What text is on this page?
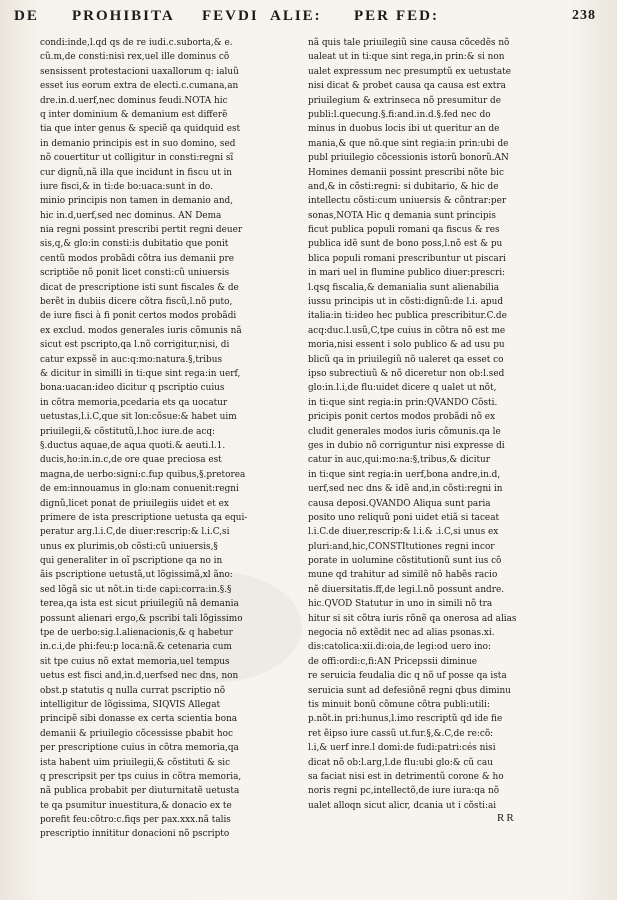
DE PROHIBITA FEVDI ALIE: PER FED:	238
condi:inde,l.qd qs de re iudi.c.suborta,& e.
cũ.m,de consti:nisi rex,uel ille dominus cõ
sensissent protestacioni uaxallorum q: ialuũ
esset ius eorum extra de electi.c.cumana,an
dre.in.d.uerf,nec dominus feudi.NOTA hic
q inter dominium & demanium est differẽ
tia que inter genus & speciẽ qa quidquid est
in demanio principis est in suo domino, sed
nõ couertitur ut colligitur in consti:regni sĩ
cur dignũ,nã illa que incidunt in fiscu ut in
iure fisci,& in ti:de bo:uaca:sunt in do.
minio principis non tamen in demanio and,
hic in.d,uerf,sed nec dominus. AN Dema
nia regni possint prescribi pertit regni deuer
sis,q,& glo:in consti:is dubitatio que ponit
centũ modos probãdi cõtra ius demanii pre
scriptiõe nõ ponit licet consti:cũ uniuersis
dicat de prescriptione isti sunt fiscales & de
berẽt in dubiis dicere cõtra fiscũ,l.nõ puto,
de iure fisci à fi ponit certos modos probãdi
ex exclud. modos generales iuris cõmunis nã
sicut est pscripto,qa l.nõ corrigitur,nisi, di
catur expssẽ in auc:q:mo:natura.§,tribus
& dicitur in similli in ti:que sint rega:in uerf,
bona:uacan:ideo dicitur q pscriptio cuius
in cõtra memoria,pcedaria ets qa uocatur
uetustas,l.i.C,que sit lon:cõsue:& habet uim
priuilegii,& cõstitutũ,l.hoc iure.de acq:
§.ductus aquae,de aqua quoti.& aeuti.l.1.
ducis,ho:in.in.c,de ore quae preciosa est
magna,de uerbo:signi:c.fup quibus,§.pretorea
de em:innouamus in glo:nam conuenit:regni
dignũ,licet ponat de priuilegiis uidet et ex
primere de ista prescriptione uetusta qa equi-
peratur arg.l.i.C,de diuer:rescrip:& l.i.C,si
unus ex plurimis,ob cõsti:cũ uniuersis,§
qui generaliter in oĩ pscriptione qa no in
ãis pscriptione uetustã,ut lõgissimã,xl ãno:
sed lõgã sic ut nõt.in ti:de capi:corra:in.§.§
terea,qa ista est sicut priuilegiũ nã demania
possunt alienari ergo,& pscribi tali lõgissimo
tpe de uerbo:sig.l.alienacionis,& q habetur
in.c.i,de phi:feu:p loca:nã.& cetenaria cum
sit tpe cuius nõ extat memoria,uel tempus
uetus est fisci and,in.d,uerfsed nec dns, non
obst.p statutis q nulla currat pscriptio nõ
intelligitur de lõgissima, SIQVIS Allegat
principẽ sibi donasse ex certa scientia bona
demanii & priuilegio cõcessisse pbabit hoc
per prescriptione cuius in cõtra memoria,qa
ista habent uim priuilegii,& cõstituti & sic
q prescripsit per tps cuius in cõtra memoria,
nã publica probabit per diuturnitatẽ uetusta
te qa psumitur inuestitura,& donacio ex te
porefit feu:cõtro:c.fiqs per pax.xxx.nã talis
prescriptio innititur donacioni nõ pscripto
nã quis tale priuilegiũ sine causa cõcedẽs nõ
ualeat ut in ti:que sint rega,in prin:& si non
ualet expressum nec presumptũ ex uetustate
nisi dicat & probet causa qa causa est extra
priuilegium & extrinseca nõ presumitur de
publi:l.quecung.§.fi:and.in.d.§.fed nec do
minus in duobus locis ibi ut queritur an de
mania,& que nõ.que sint regia:in prin:ubi de
publ priuilegio cõcessionis istorũ bonorũ.AN
Homines demanii possint prescribi nõte bic
and,& in cõsti:regni: si dubitario, & hic de
intellectu cõsti:cum uniuersis & cõntrar:per
sonas,NOTA Hic q demania sunt principis
ficut publica populi romani qa fiscus & res
publica idẽ sunt de bono poss,l.nõ est & pu
blica populi romani prescribuntur ut piscari
in mari uel in flumine publico diuer:prescri:
l.qsq fiscalia,& demanialia sunt alienabilia
iussu principis ut in cõsti:dignũ:de l.i. apud
italia:in ti:ideo hec publica prescribitur.C.de
acq:duc.l.usũ,C,tpe cuius in cõtra nõ est me
moria,nisi essent i solo publico & ad usu pu
blicũ qa in priuilegiũ nõ ualeret qa esset co
ipso subrectiuũ & nõ diceretur non ob:l.sed
glo:in.l.i,de flu:uidet dicere q ualet ut nõt,
in ti:que sint regia:in prin:QVANDO Cõsti.
pricipis ponit certos modos probãdi nõ ex
cludit generales modos iuris cõmunis.qa le
ges in dubio nõ corriguntur nisi expresse di
catur in auc,qui:mo:na:§,tribus,& dicitur
in ti:que sint regia:in uerf,bona andre,in.d,
uerf,sed nec dns & idẽ and,in cõsti:regni in
causa deposi.QVANDO Aliqua sunt paria
posito uno reliquũ poni uidet etiã si taceat
l.i.C.de diuer,rescrip:& l.i.& .i.C,si unus ex
pluri:and,hic,CONSTItutiones regni incor
porate in uolumine cõstitutionũ sunt ius cõ
mune qd trahitur ad similẽ nõ habẽs racio
nẽ diuersitatis.ff,de legi.l.nõ possunt andre.
hic.QVOD Statutur in uno in simili nõ tra
hitur si sit cõtra iuris rõnẽ qa onerosa ad alias
negocia nõ extẽdit nec ad alias psonas.xi.
dis:catolica:xii.di:oia,de legi:od uero ino:
de offi:ordi:c,fi:AN Pricepssii diminue
re seruicia feudalia dic q nõ uf posse qa ista
seruicia sunt ad defesiõnẽ regni qbus diminu
tis minuit bonũ cõmune cõtra publi:utili:
p.nõt.in pri:hunus,l.imo rescriptũ qd ide fie
ret ẽipso iure cassũ ut.fur.§,&.C,de re:cõ:
l.i,& uerf inre.l domi:de fudi:patri:cés nisi
dicat nõ ob:l.arg,l.de flu:ubi glo:& cũ cau
sa faciat nisi est in detrimentũ corone & ho
noris regni pc,intellectõ,de iure iura:qa nõ
ualet alloqn sicut alicr, dcania ut i cõsti:ai
RR
